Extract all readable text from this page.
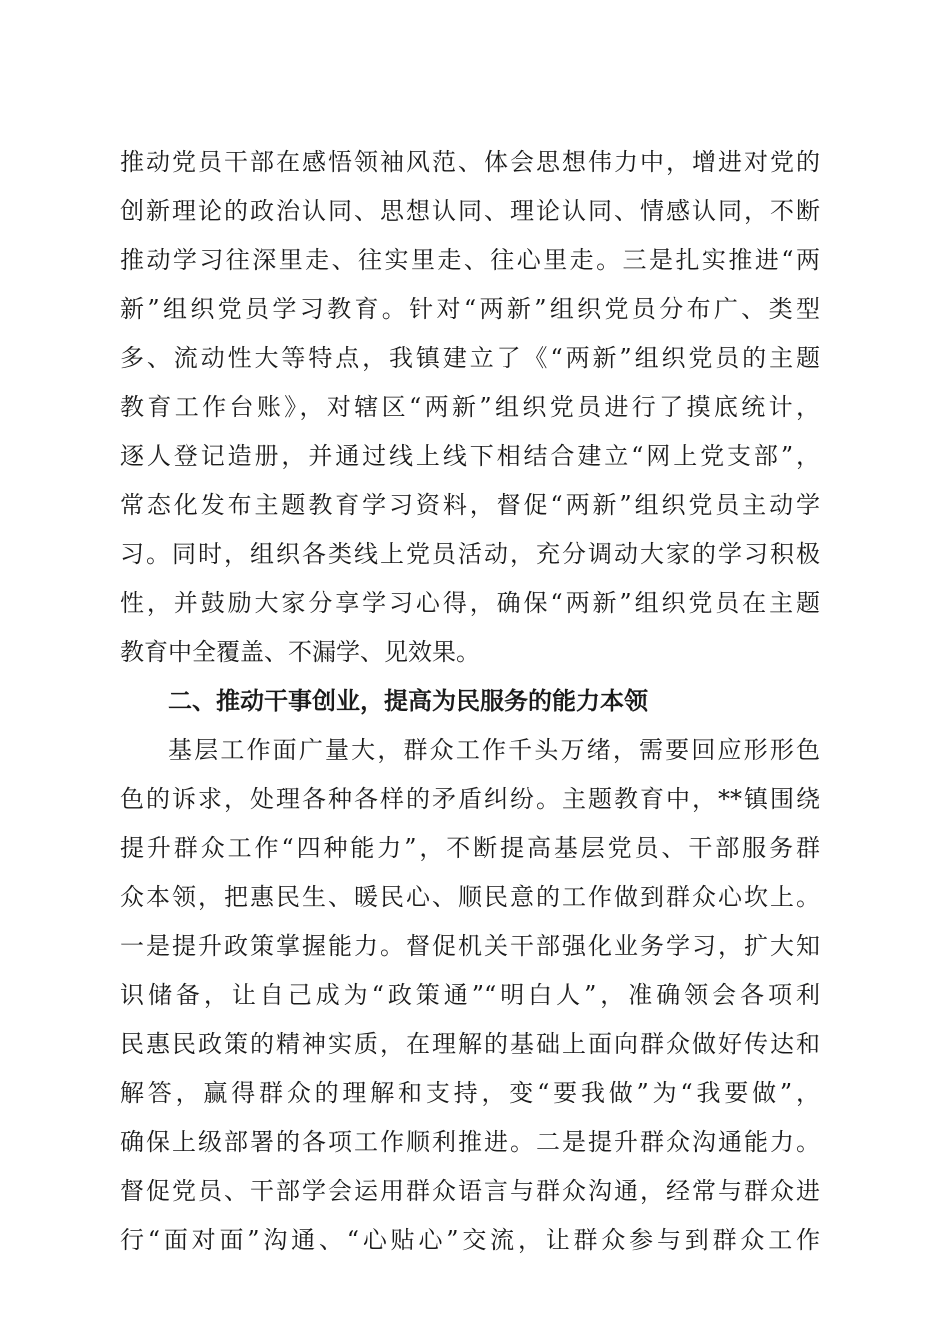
推动党员干部在感悟领袖风范、体会思想伟力中，增进对党的
创新理论的政治认同、思想认同、理论认同、情感认同，不断
推动学习往深里走、往实里走、往心里走。三是扎实推进“两
新”组织党员学习教育。针对“两新”组织党员分布广、类型
多、流动性大等特点，我镇建立了《“两新”组织党员的主题
教育工作台账》，对辖区“两新”组织党员进行了摸底统计，
逐人登记造册，并通过线上线下相结合建立“网上党支部”，
常态化发布主题教育学习资料，督促“两新”组织党员主动学
习。同时，组织各类线上党员活动，充分调动大家的学习积极
性，并鼓励大家分享学习心得，确保“两新”组织党员在主题
教育中全覆盖、不漏学、见效果。
二、推动干事创业，提高为民服务的能力本领
基层工作面广量大，群众工作千头万绪，需要回应形形色
色的诉求，处理各种各样的矛盾纠纷。主题教育中，**镇围绕
提升群众工作“四种能力”，不断提高基层党员、干部服务群
众本领，把惠民生、暖民心、顺民意的工作做到群众心坎上。
一是提升政策掌握能力。督促机关干部强化业务学习，扩大知
识储备，让自己成为“政策通”“明白人”，准确领会各项利
民惠民政策的精神实质，在理解的基础上面向群众做好传达和
解答，赢得群众的理解和支持，变“要我做”为“我要做”，
确保上级部署的各项工作顺利推进。二是提升群众沟通能力。
督促党员、干部学会运用群众语言与群众沟通，经常与群众进
行“面对面”沟通、“心贴心”交流，让群众参与到群众工作
